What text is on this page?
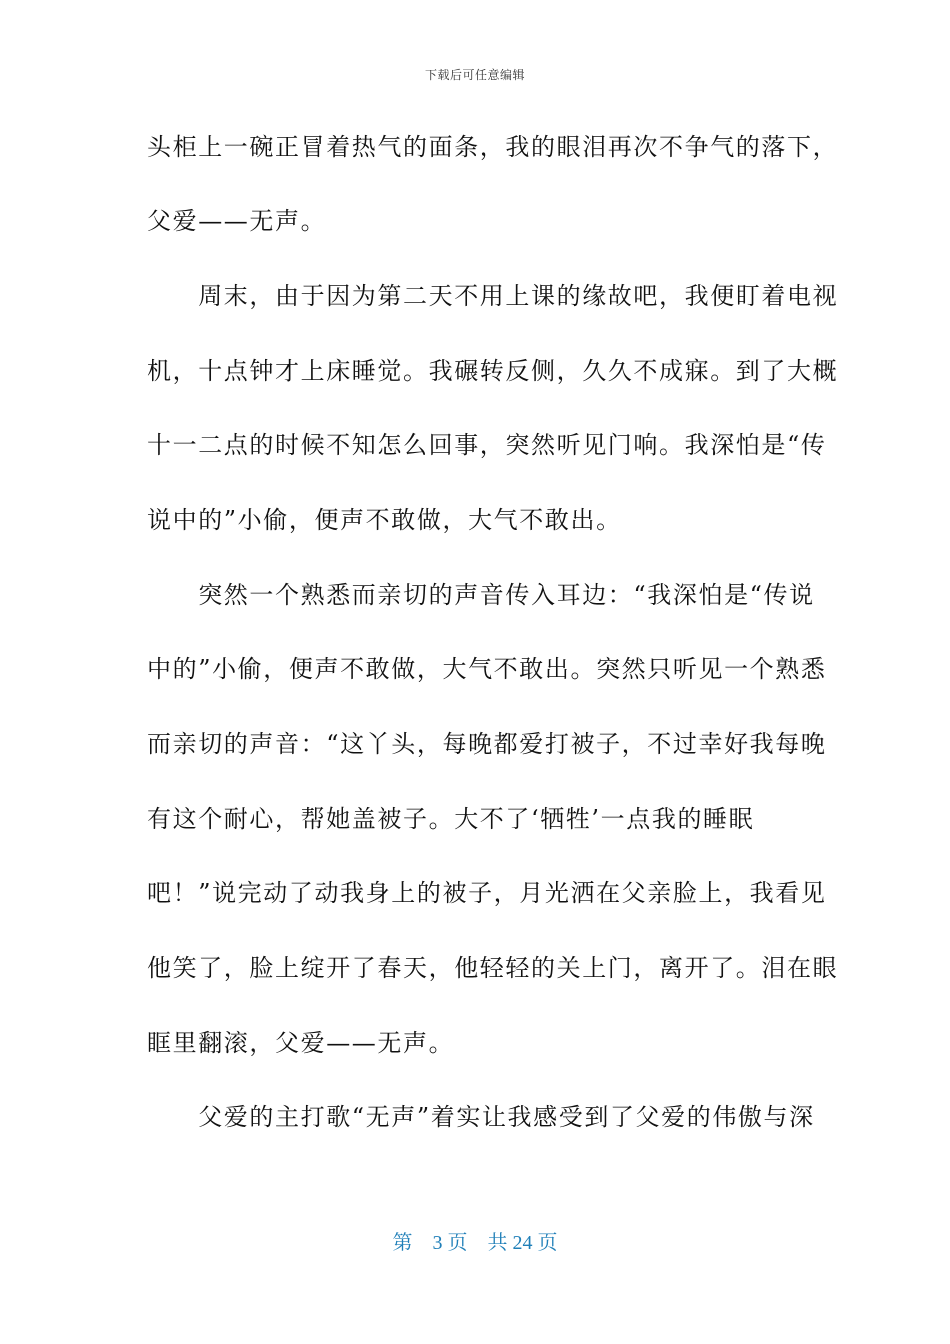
下载后可任意编辑
头柜上一碗正冒着热气的面条，我的眼泪再次不争气的落下，
父爱——无声。
　　周末，由于因为第二天不用上课的缘故吧，我便盯着电视
机，十点钟才上床睡觉。我碾转反侧，久久不成寐。到了大概
十一二点的时候不知怎么回事，突然听见门响。我深怕是“传
说中的”小偷，便声不敢做，大气不敢出。
　　突然一个熟悉而亲切的声音传入耳边：“我深怕是“传说
中的”小偷，便声不敢做，大气不敢出。突然只听见一个熟悉
而亲切的声音：“这丫头，每晚都爱打被子，不过幸好我每晚
有这个耐心，帮她盖被子。大不了‘牺牲’一点我的睡眠
吧！”说完动了动我身上的被子，月光洒在父亲脸上，我看见
他笑了，脸上绽开了春天，他轻轻的关上门，离开了。泪在眼
眶里翻滚，父爱——无声。
　　父爱的主打歌“无声”着实让我感受到了父爱的伟傲与深
第　3 页　共 24 页
